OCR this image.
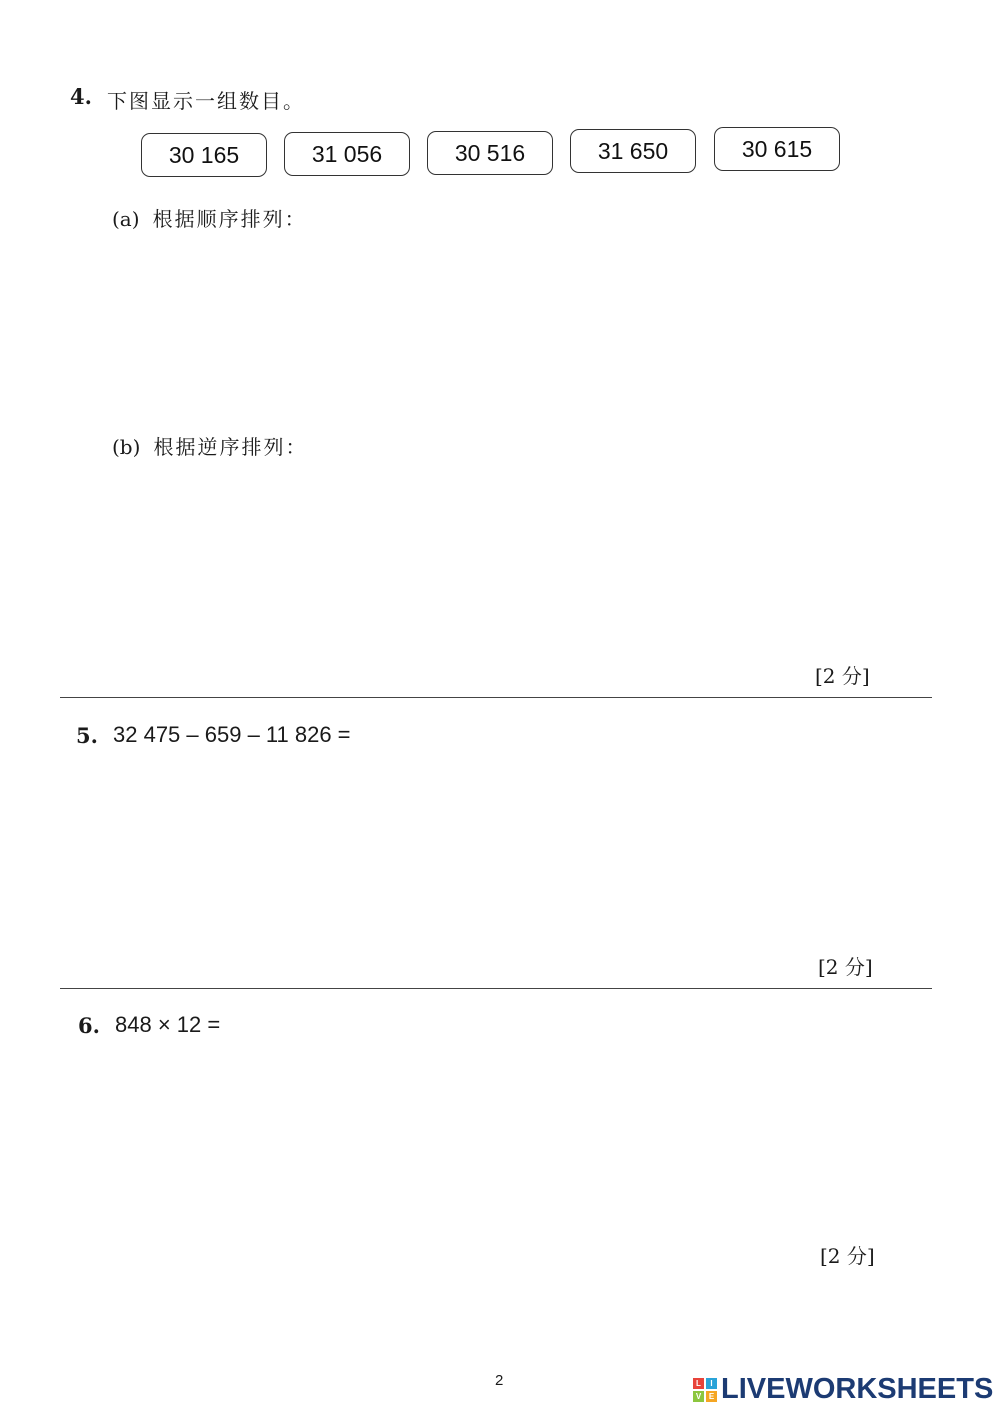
4. 下图显示一组数目。
30 165	31 056	30 516	31 650	30 615
(a) 根据顺序排列：
(b) 根据逆序排列：
[2 分]
5. 32 475 – 659 – 11 826 =
[2 分]
6. 848 × 12 =
[2 分]
2	L	I
V E LIVEWORKSHEETS
